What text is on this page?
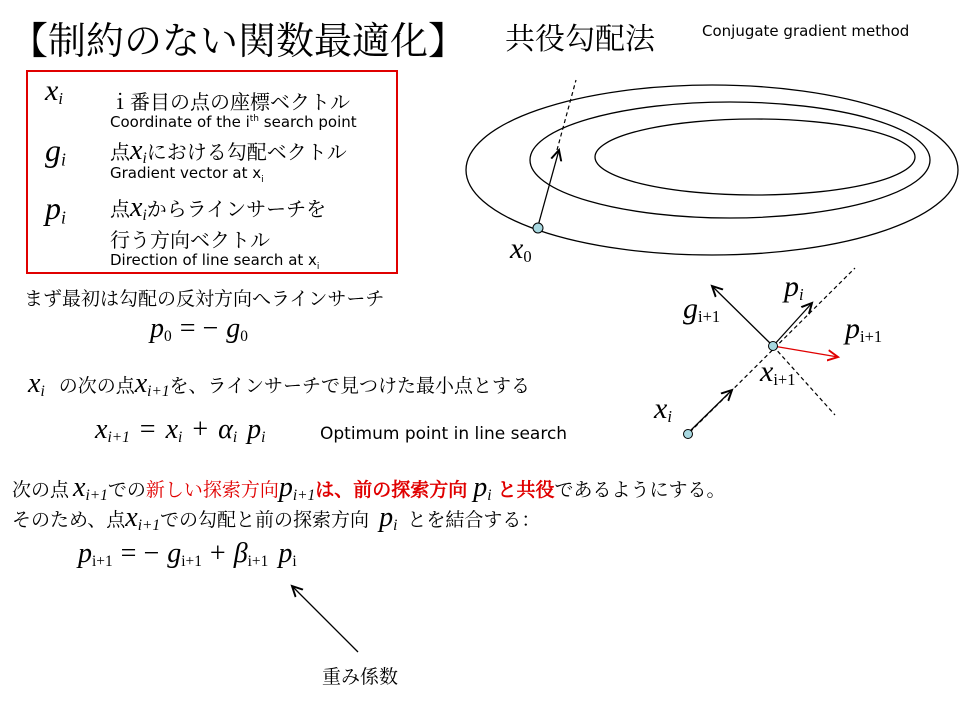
【制約のない関数最適化】 共役勾配法	Conjugate gradient method
$x_i$ ｉ番目の点の座標ベクトル
Coordinate of the $i^{th}$ search point
$g_i$ 点$x_i$における勾配ベクトル
Gradient vector at $x_i$
$p_i$ 点$x_i$からラインサーチを
行う方向ベクトル
Direction of line search at $x_i$
まず最初は勾配の反対方向へラインサーチ
$p_0$ = − $g_0$
$x_i$ の次の点$x_{i+1}$を、ラインサーチで見つけた最小点とする
$x_{i+1} = x_i + \alpha_i$ $p_i$	Optimum point in line search
次の点 $x_{i+1}$での新しい探索方向$p_{i+1}$は、前の探索方向 $p_i$ と共役であるようにする。
そのため、点$x_{i+1}$での勾配と前の探索方向 $p_i$ とを結合する：
$p_{i+1}$ = − $g_{i+1} + \beta_{i+1}$ $p_i$
重み係数
$x_0$
$g_{i+1}$
$p_i$
$p_{i+1}$
$x_{i+1}$
$x_i$
